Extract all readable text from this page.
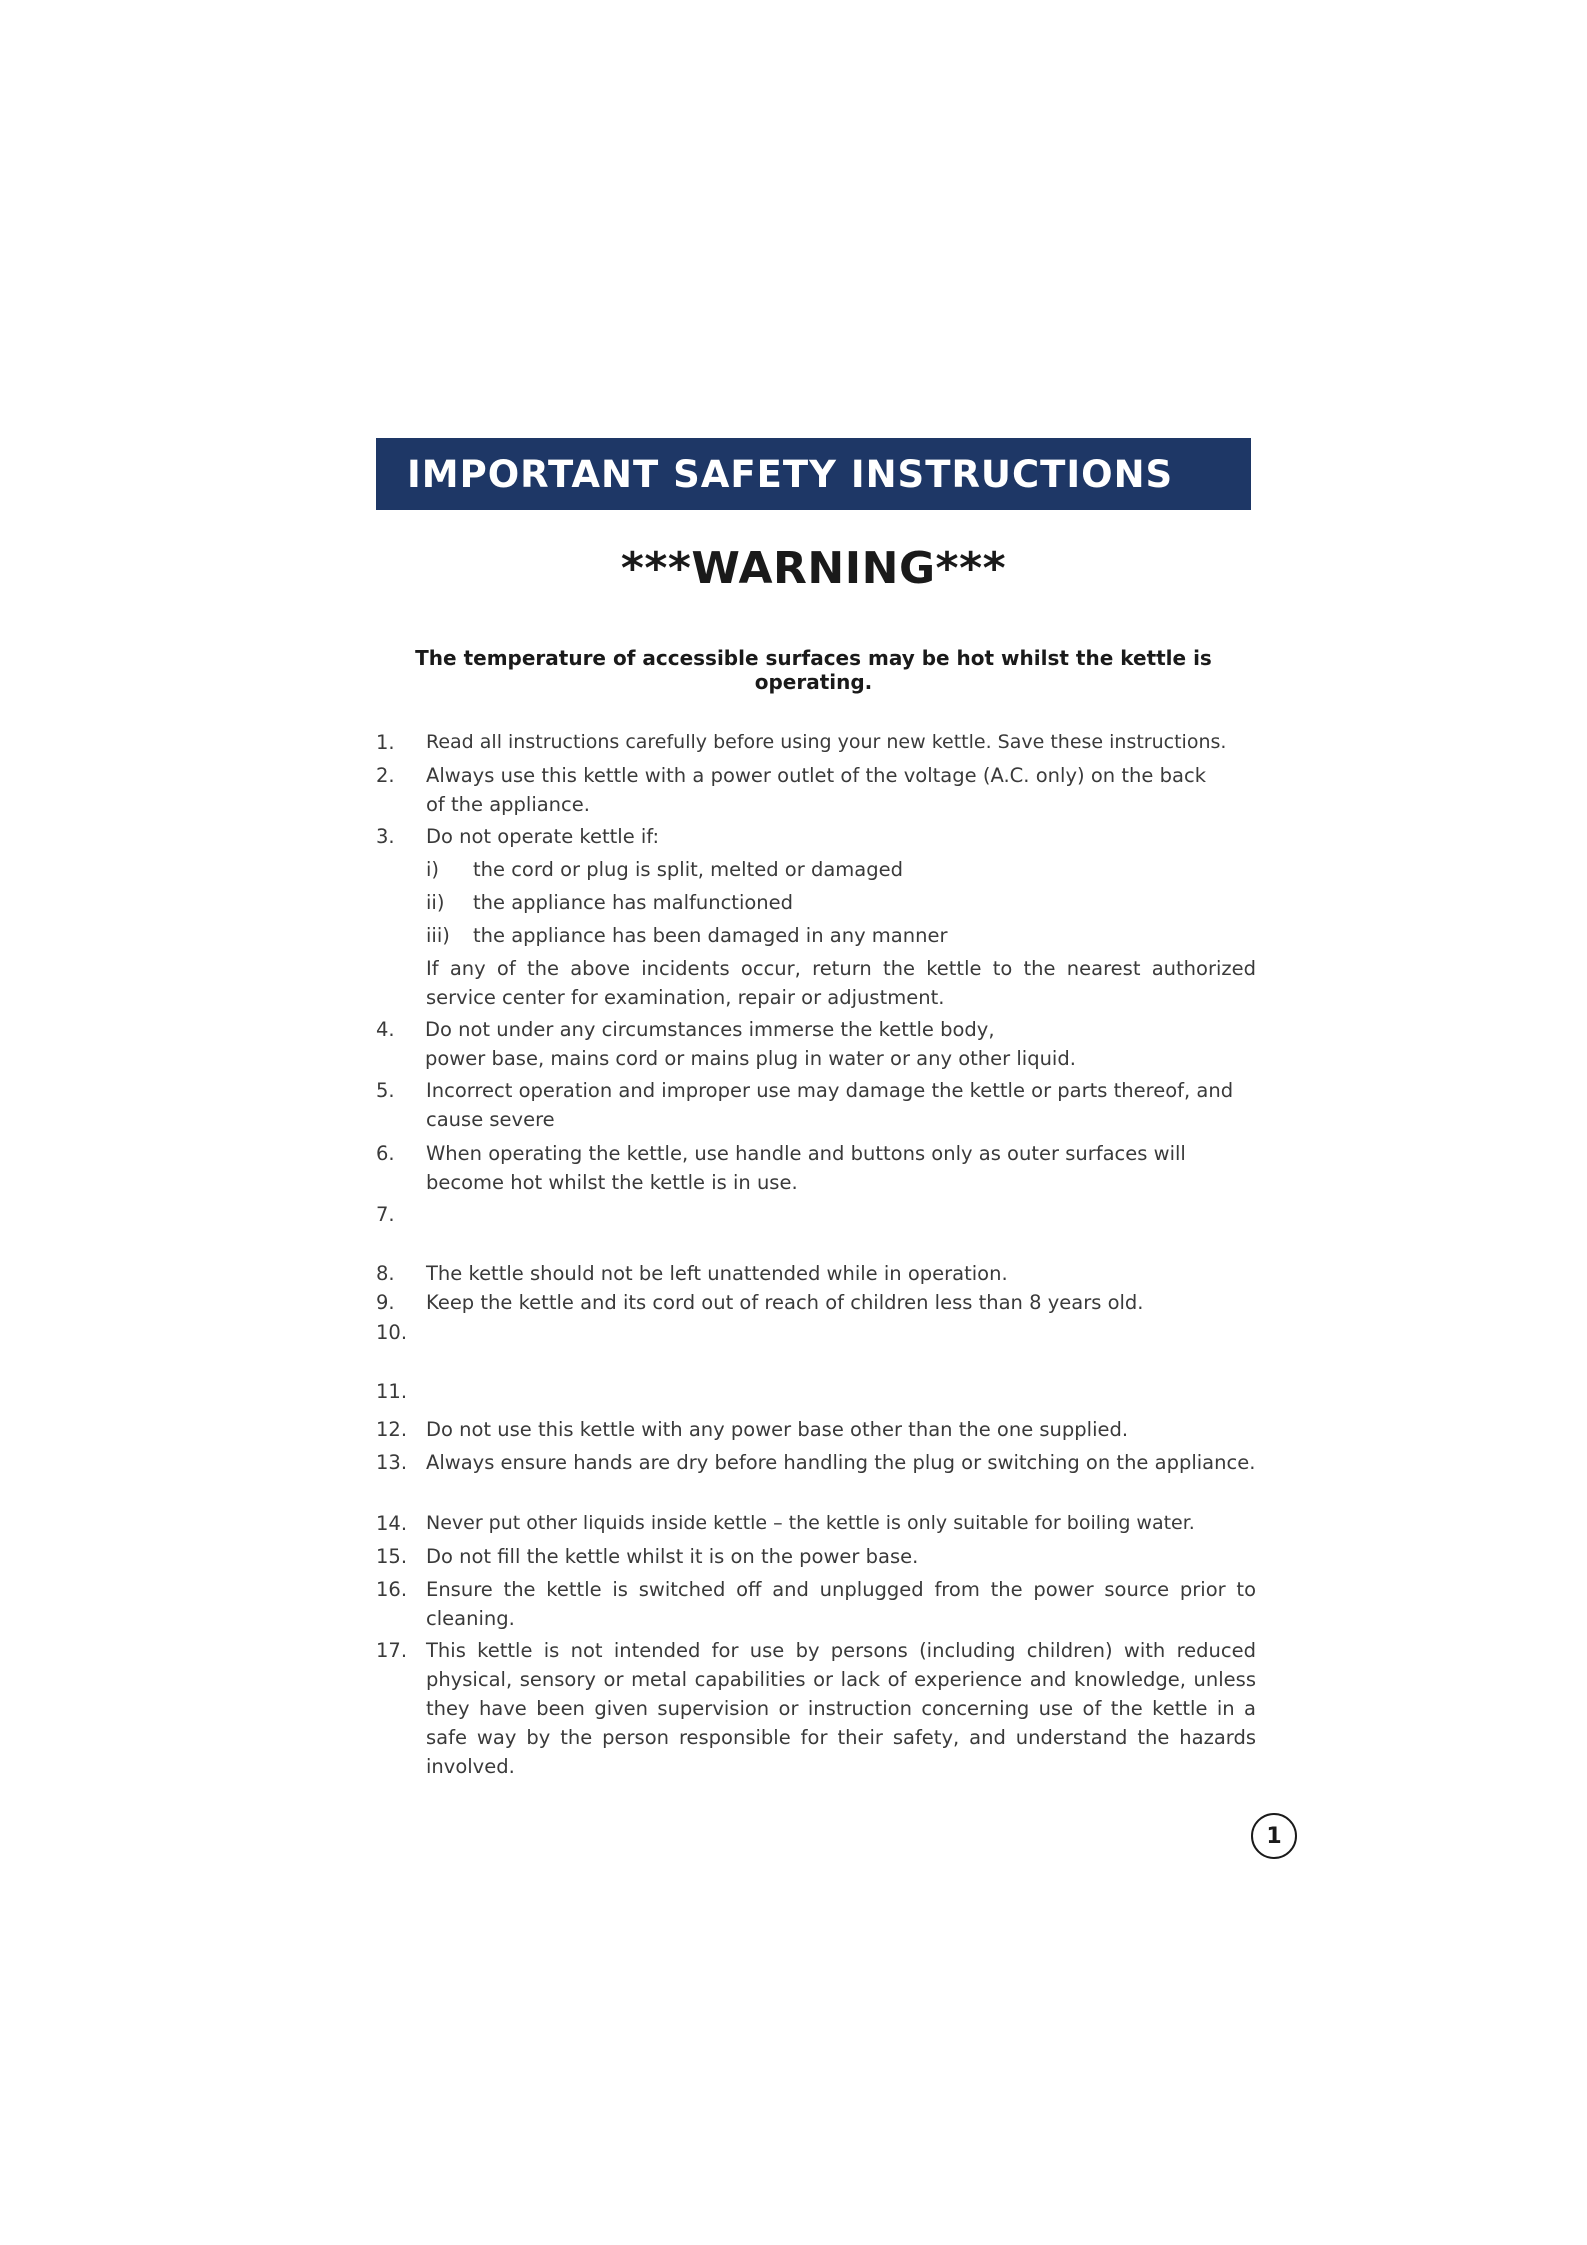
IMPORTANT SAFETY INSTRUCTIONS
***WARNING***
The temperature of accessible surfaces may be hot whilst the kettle is operating.
1.	Read all instructions carefully before using your new kettle. Save these instructions.
2.	Always use this kettle with a power outlet of the voltage (A.C. only) on the back of the appliance.
3.	Do not operate kettle if:
i) the cord or plug is split, melted or damaged
ii) the appliance has malfunctioned
iii) the appliance has been damaged in any manner
If any of the above incidents occur, return the kettle to the nearest authorized service center for examination, repair or adjustment.
4.	Do not under any circumstances immerse the kettle body,
power base, mains cord or mains plug in water or any other liquid.
5.	Incorrect operation and improper use may damage the kettle or parts thereof, and cause severe
6.	When operating the kettle, use handle and buttons only as outer surfaces will become hot whilst the kettle is in use.
7.
8.	The kettle should not be left unattended while in operation.
9.	Keep the kettle and its cord out of reach of children less than 8 years old.
10.
11.
12. Do not use this kettle with any power base other than the one supplied.
13. Always ensure hands are dry before handling the plug or switching on the appliance.
14. Never put other liquids inside kettle – the kettle is only suitable for boiling water.
15. Do not fill the kettle whilst it is on the power base.
16. Ensure the kettle is switched off and unplugged from the power source prior to cleaning.
17. This kettle is not intended for use by persons (including children) with reduced physical, sensory or metal capabilities or lack of experience and knowledge, unless they have been given supervision or instruction concerning use of the kettle in a safe way by the person responsible for their safety, and understand the hazards involved.
1
